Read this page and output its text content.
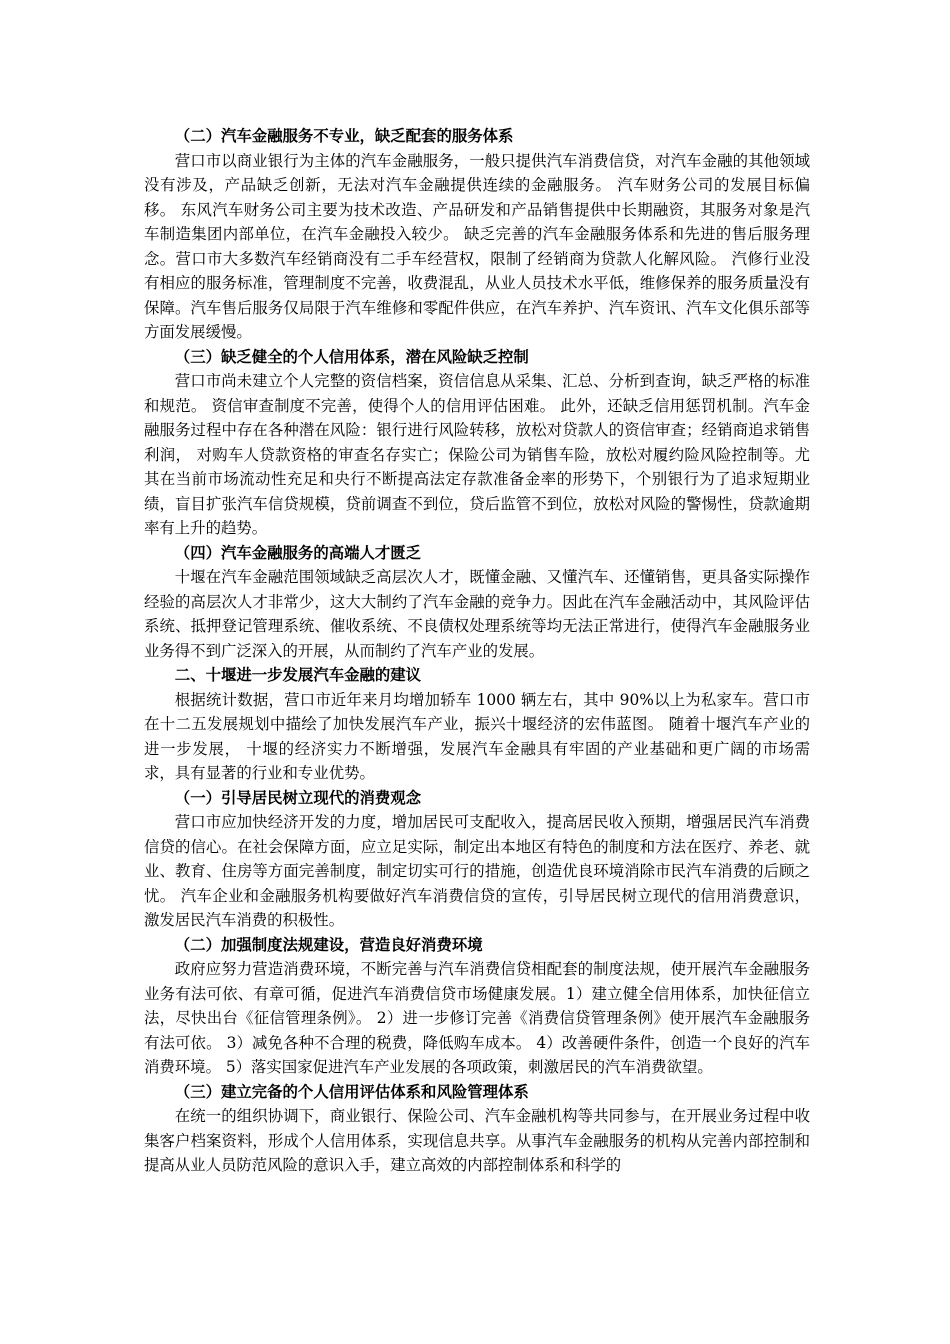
（二）汽车金融服务不专业，缺乏配套的服务体系

营口市以商业银行为主体的汽车金融服务，一般只提供汽车消费信贷，对汽车金融的其他领域没有涉及，产品缺乏创新，无法对汽车金融提供连续的金融服务。 汽车财务公司的发展目标偏移。 东风汽车财务公司主要为技术改造、产品研发和产品销售提供中长期融资，其服务对象是汽车制造集团内部单位，在汽车金融投入较少。 缺乏完善的汽车金融服务体系和先进的售后服务理念。营口市大多数汽车经销商没有二手车经营权，限制了经销商为贷款人化解风险。 汽修行业没有相应的服务标准，管理制度不完善，收费混乱，从业人员技术水平低，维修保养的服务质量没有保障。汽车售后服务仅局限于汽车维修和零配件供应，在汽车养护、汽车资讯、汽车文化俱乐部等方面发展缓慢。

（三）缺乏健全的个人信用体系，潜在风险缺乏控制

营口市尚未建立个人完整的资信档案，资信信息从采集、汇总、分析到查询，缺乏严格的标准和规范。 资信审查制度不完善，使得个人的信用评估困难。 此外，还缺乏信用惩罚机制。汽车金融服务过程中存在各种潜在风险：银行进行风险转移，放松对贷款人的资信审查；经销商追求销售利润， 对购车人贷款资格的审查名存实亡；保险公司为销售车险，放松对履约险风险控制等。尤其在当前市场流动性充足和央行不断提高法定存款准备金率的形势下，个别银行为了追求短期业绩，盲目扩张汽车信贷规模，贷前调查不到位，贷后监管不到位，放松对风险的警惕性，贷款逾期率有上升的趋势。

（四）汽车金融服务的高端人才匮乏

十堰在汽车金融范围领域缺乏高层次人才，既懂金融、又懂汽车、还懂销售，更具备实际操作经验的高层次人才非常少，这大大制约了汽车金融的竞争力。因此在汽车金融活动中，其风险评估系统、抵押登记管理系统、催收系统、不良债权处理系统等均无法正常进行，使得汽车金融服务业业务得不到广泛深入的开展，从而制约了汽车产业的发展。

二、十堰进一步发展汽车金融的建议

根据统计数据，营口市近年来月均增加轿车 1000 辆左右，其中 90%以上为私家车。营口市在十二五发展规划中描绘了加快发展汽车产业，振兴十堰经济的宏伟蓝图。 随着十堰汽车产业的进一步发展， 十堰的经济实力不断增强，发展汽车金融具有牢固的产业基础和更广阔的市场需求，具有显著的行业和专业优势。

（一）引导居民树立现代的消费观念

营口市应加快经济开发的力度，增加居民可支配收入，提高居民收入预期，增强居民汽车消费信贷的信心。在社会保障方面，应立足实际，制定出本地区有特色的制度和方法在医疗、养老、就业、教育、住房等方面完善制度，制定切实可行的措施，创造优良环境消除市民汽车消费的后顾之忧。 汽车企业和金融服务机构要做好汽车消费信贷的宣传，引导居民树立现代的信用消费意识，激发居民汽车消费的积极性。

（二）加强制度法规建设，营造良好消费环境

政府应努力营造消费环境，不断完善与汽车消费信贷相配套的制度法规，使开展汽车金融服务业务有法可依、有章可循，促进汽车消费信贷市场健康发展。1）建立健全信用体系，加快征信立法，尽快出台《征信管理条例》。 2）进一步修订完善《消费信贷管理条例》使开展汽车金融服务有法可依。 3）减免各种不合理的税费，降低购车成本。 4）改善硬件条件，创造一个良好的汽车消费环境。 5）落实国家促进汽车产业发展的各项政策，刺激居民的汽车消费欲望。

（三）建立完备的个人信用评估体系和风险管理体系

在统一的组织协调下，商业银行、保险公司、汽车金融机构等共同参与，在开展业务过程中收集客户档案资料，形成个人信用体系，实现信息共享。从事汽车金融服务的机构从完善内部控制和提高从业人员防范风险的意识入手，建立高效的内部控制体系和科学的
